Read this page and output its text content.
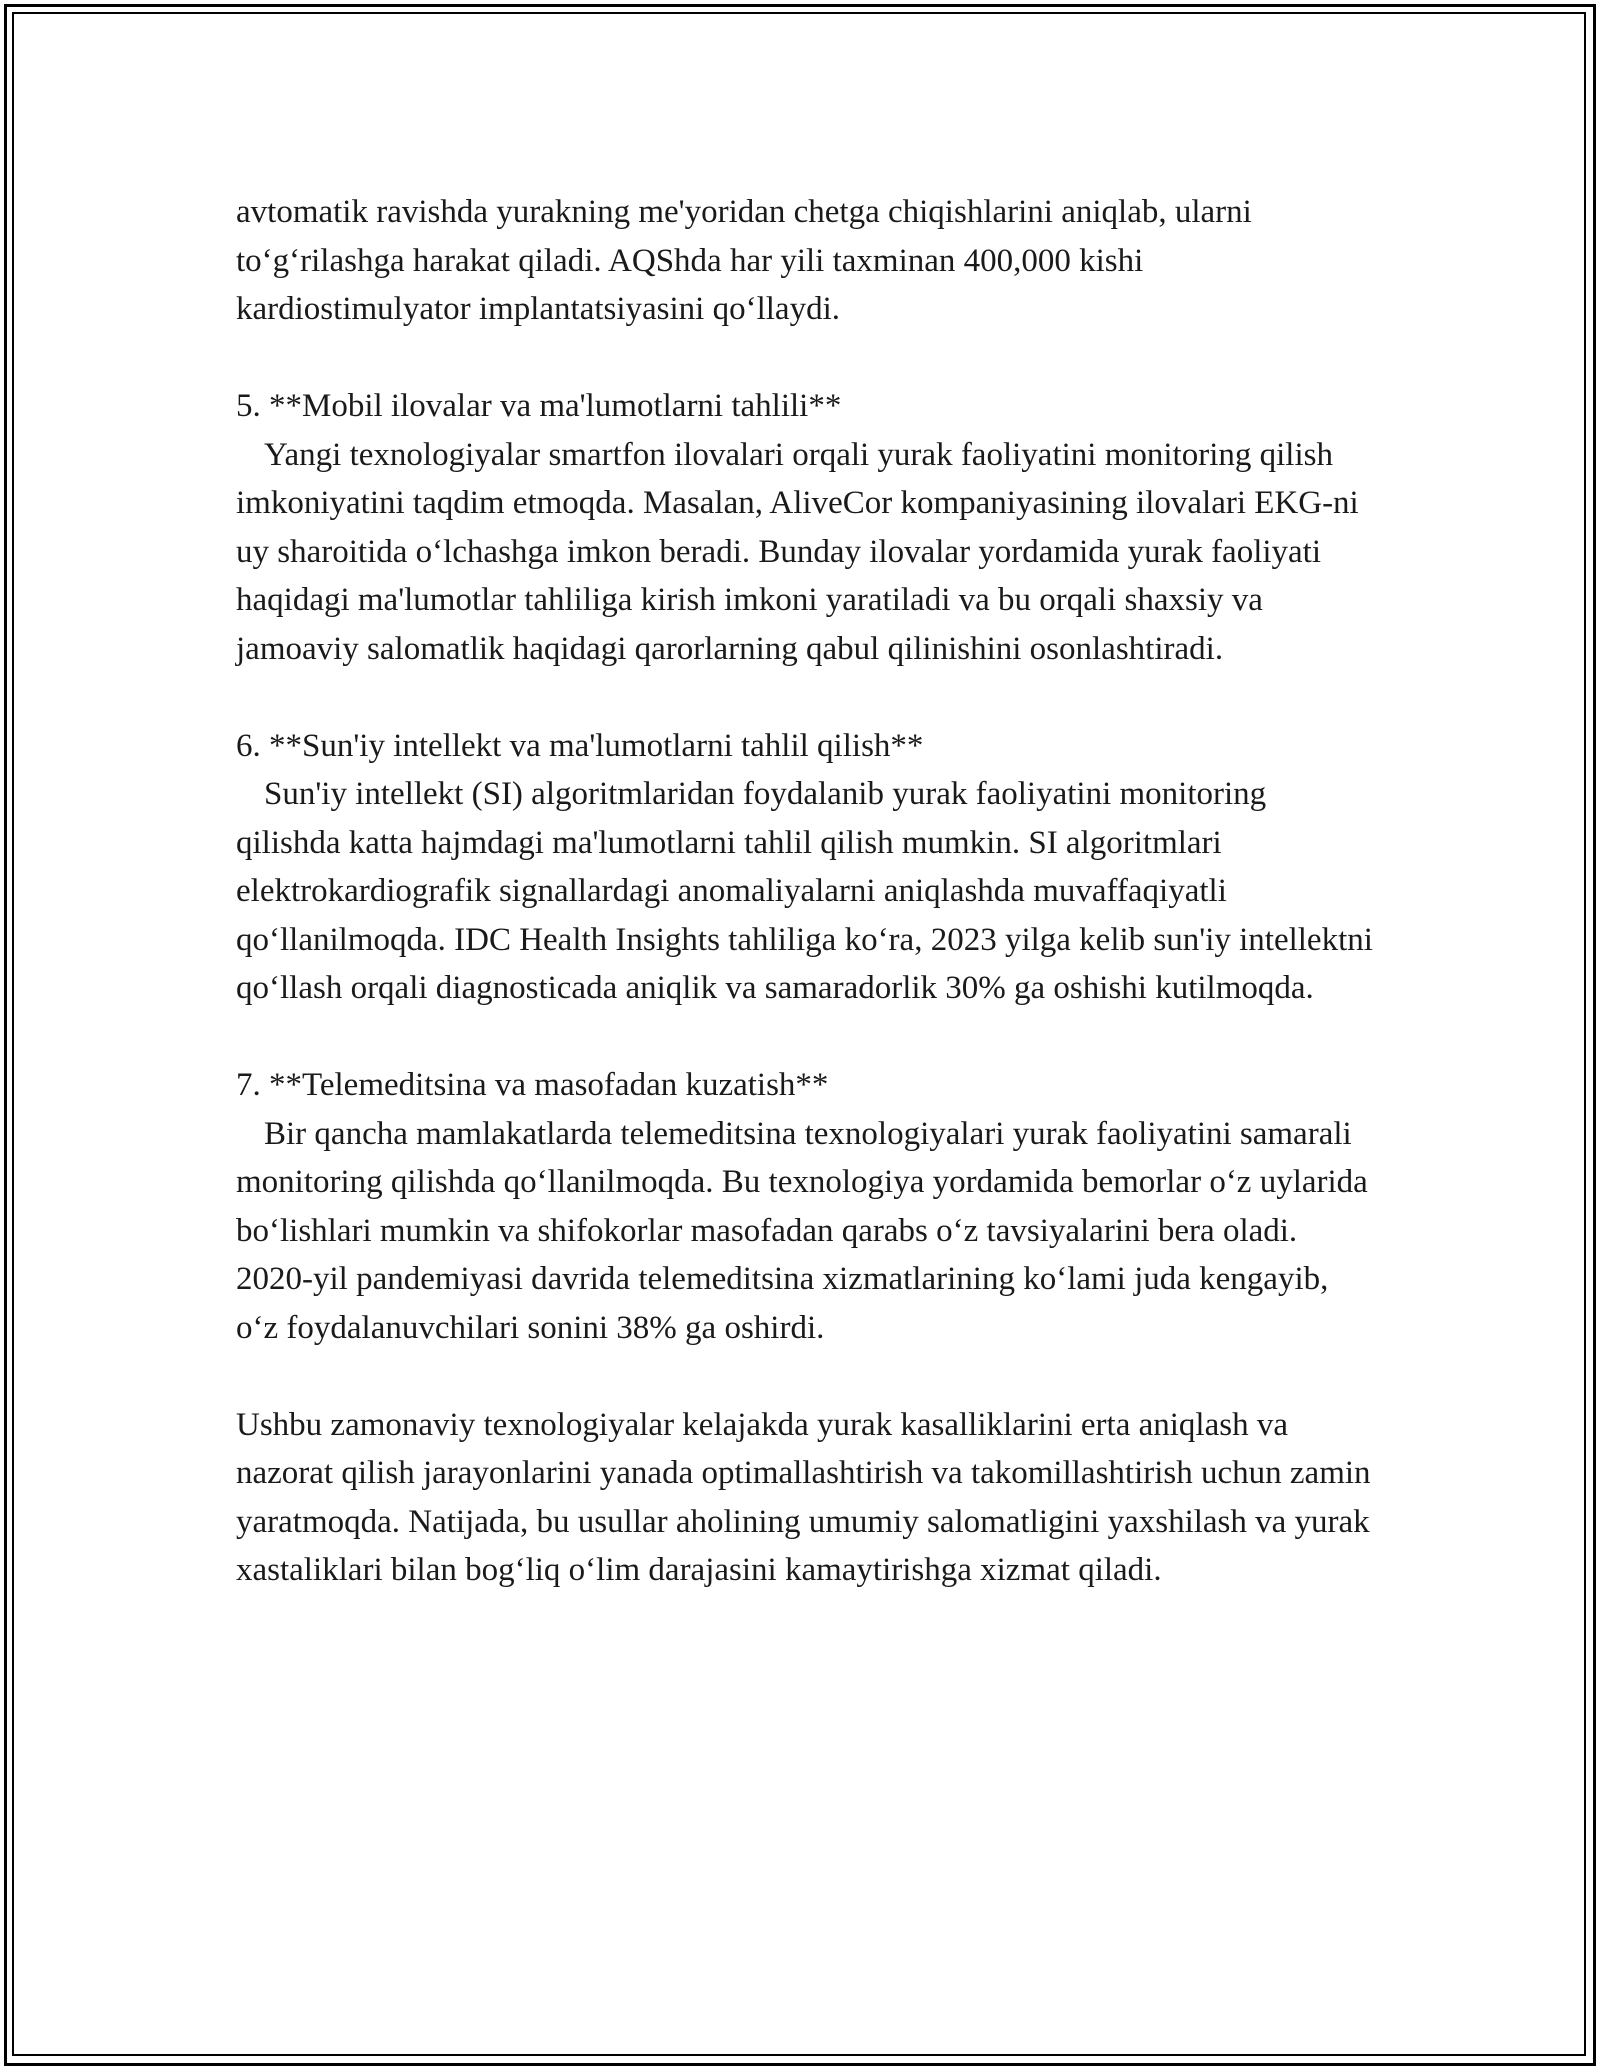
avtomatik ravishda yurakning me'yoridan chetga chiqishlarini aniqlab, ularni to‘g‘rilashga harakat qiladi. AQShda har yili taxminan 400,000 kishi kardiostimulyator implantatsiyasini qo‘llaydi.

5. **Mobil ilovalar va ma'lumotlarni tahlili**

Yangi texnologiyalar smartfon ilovalari orqali yurak faoliyatini monitoring qilish imkoniyatini taqdim etmoqda. Masalan, AliveCor kompaniyasining ilovalari EKG-ni uy sharoitida o‘lchashga imkon beradi. Bunday ilovalar yordamida yurak faoliyati haqidagi ma'lumotlar tahliliga kirish imkoni yaratiladi va bu orqali shaxsiy va jamoaviy salomatlik haqidagi qarorlarning qabul qilinishini osonlashtiradi.

6. **Sun'iy intellekt va ma'lumotlarni tahlil qilish**

Sun'iy intellekt (SI) algoritmlaridan foydalanib yurak faoliyatini monitoring qilishda katta hajmdagi ma'lumotlarni tahlil qilish mumkin. SI algoritmlari elektrokardiografik signallardagi anomaliyalarni aniqlashda muvaffaqiyatli qo‘llanilmoqda. IDC Health Insights tahliliga ko‘ra, 2023 yilga kelib sun'iy intellektni qo‘llash orqali diagnosticada aniqlik va samaradorlik 30% ga oshishi kutilmoqda.

7. **Telemeditsina va masofadan kuzatish**

Bir qancha mamlakatlarda telemeditsina texnologiyalari yurak faoliyatini samarali monitoring qilishda qo‘llanilmoqda. Bu texnologiya yordamida bemorlar o‘z uylarida bo‘lishlari mumkin va shifokorlar masofadan qarabs o‘z tavsiyalarini bera oladi. 2020-yil pandemiyasi davrida telemeditsina xizmatlarining ko‘lami juda kengayib, o‘z foydalanuvchilari sonini 38% ga oshirdi.

Ushbu zamonaviy texnologiyalar kelajakda yurak kasalliklarini erta aniqlash va nazorat qilish jarayonlarini yanada optimallashtirish va takomillashtirish uchun zamin yaratmoqda. Natijada, bu usullar aholining umumiy salomatligini yaxshilash va yurak xastaliklari bilan bog‘liq o‘lim darajasini kamaytirishga xizmat qiladi.
